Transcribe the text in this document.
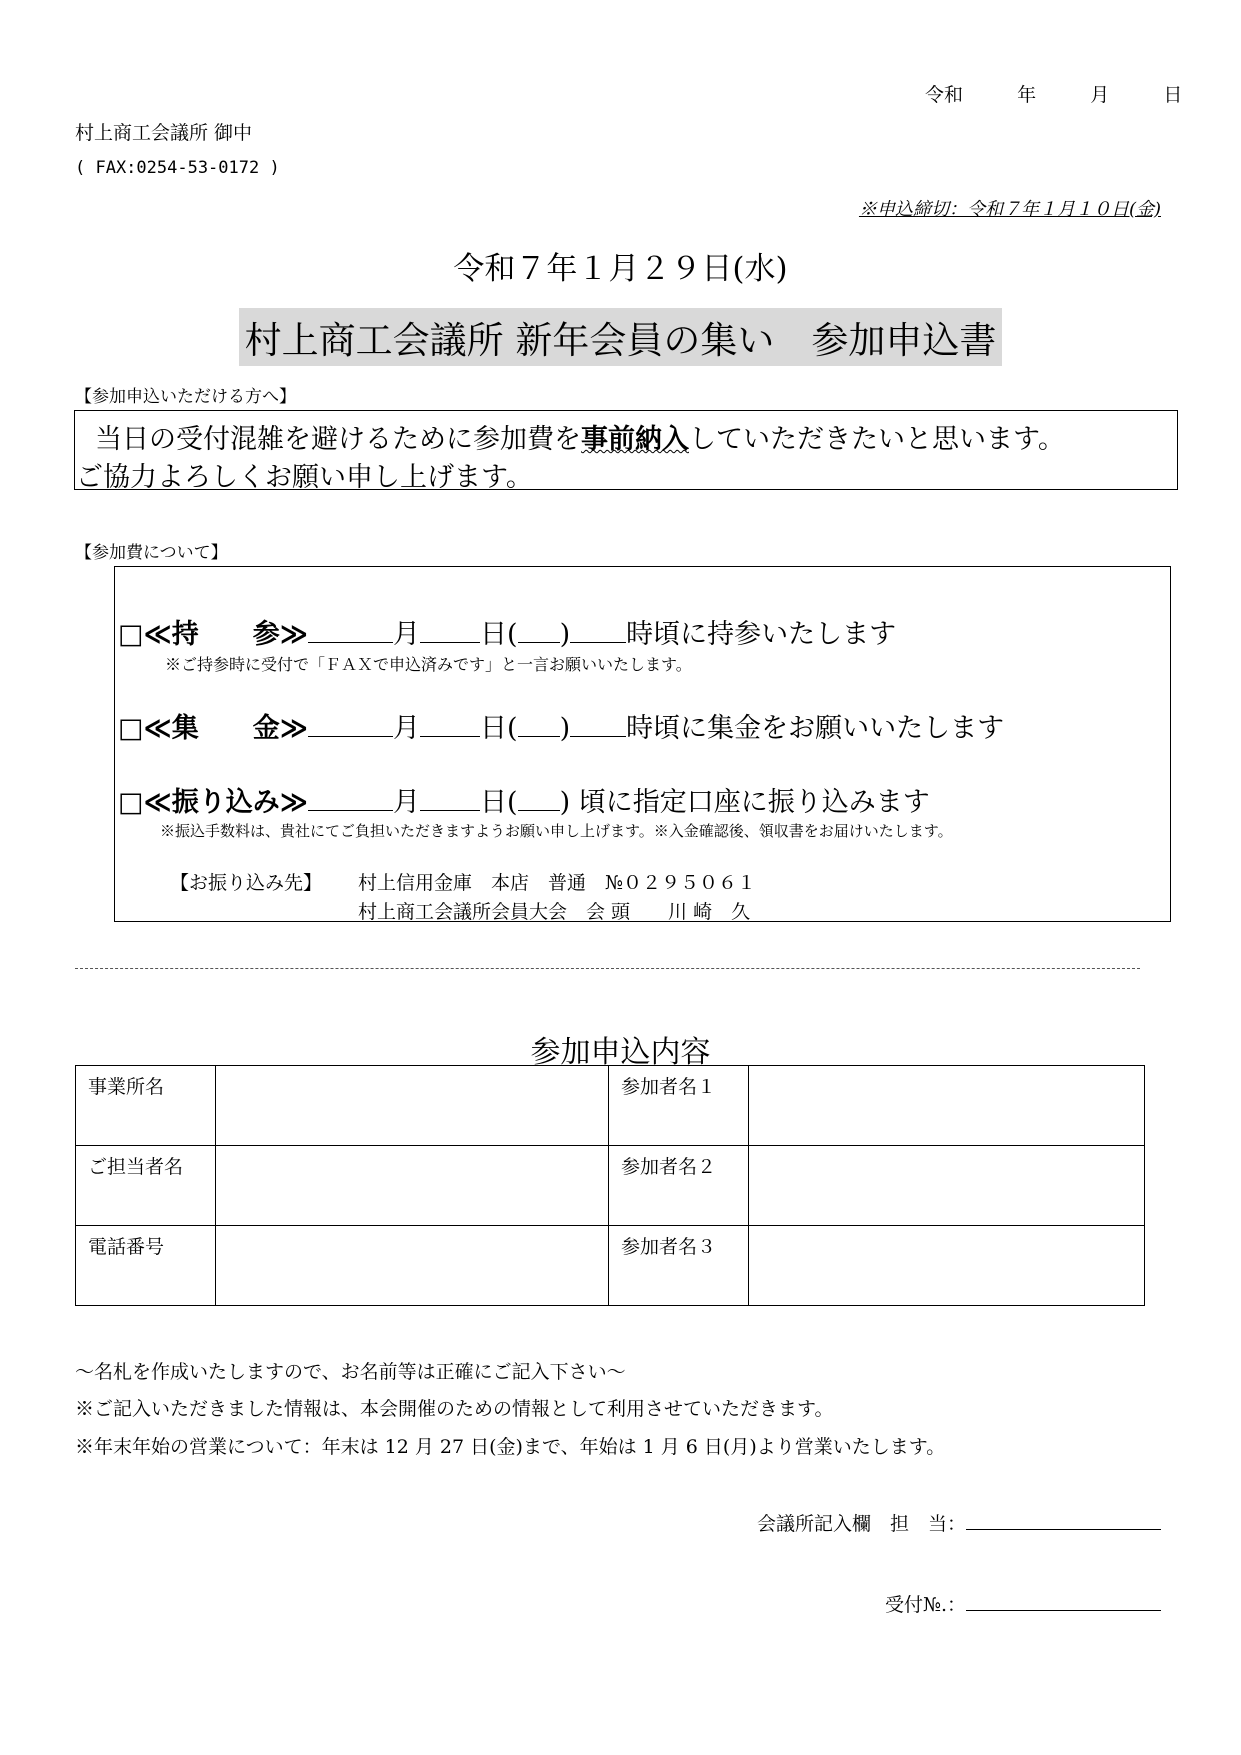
令和	年	月	日
村上商工会議所 御中
( FAX:0254-53-0172 )
※申込締切：令和７年１月１０日(金)
令和７年１月２９日(水)
村上商工会議所 新年会員の集い　参加申込書
【参加申込いただける方へ】
当日の受付混雑を避けるために参加費を事前納入していただきたいと思います。
ご協力よろしくお願い申し上げます。
【参加費について】
□≪持　　参≫	月 日( ) 時頃に持参いたします
※ご持参時に受付で「ＦＡＸで申込済みです」と一言お願いいたします。
□≪集　　金≫	月 日( ) 時頃に集金をお願いいたします
□≪振り込み≫	月 日( ) 頃に指定口座に振り込みます
※振込手数料は、貴社にてご負担いただきますようお願い申し上げます。※入金確認後、領収書をお届けいたします。
【お振り込み先】 村上信用金庫　本店　普通　№０２９５０６１
村上商工会議所会員大会　会 頭　　川 崎　久
参加申込内容
事業所名		参加者名１	
ご担当者名		参加者名２	
電話番号		参加者名３	
～名札を作成いたしますので、お名前等は正確にご記入下さい～
※ご記入いただきました情報は、本会開催のための情報として利用させていただきます。
※年末年始の営業について：年末は 12 月 27 日(金)まで、年始は 1 月 6 日(月)より営業いたします。
会議所記入欄　担　当：
受付№.：
